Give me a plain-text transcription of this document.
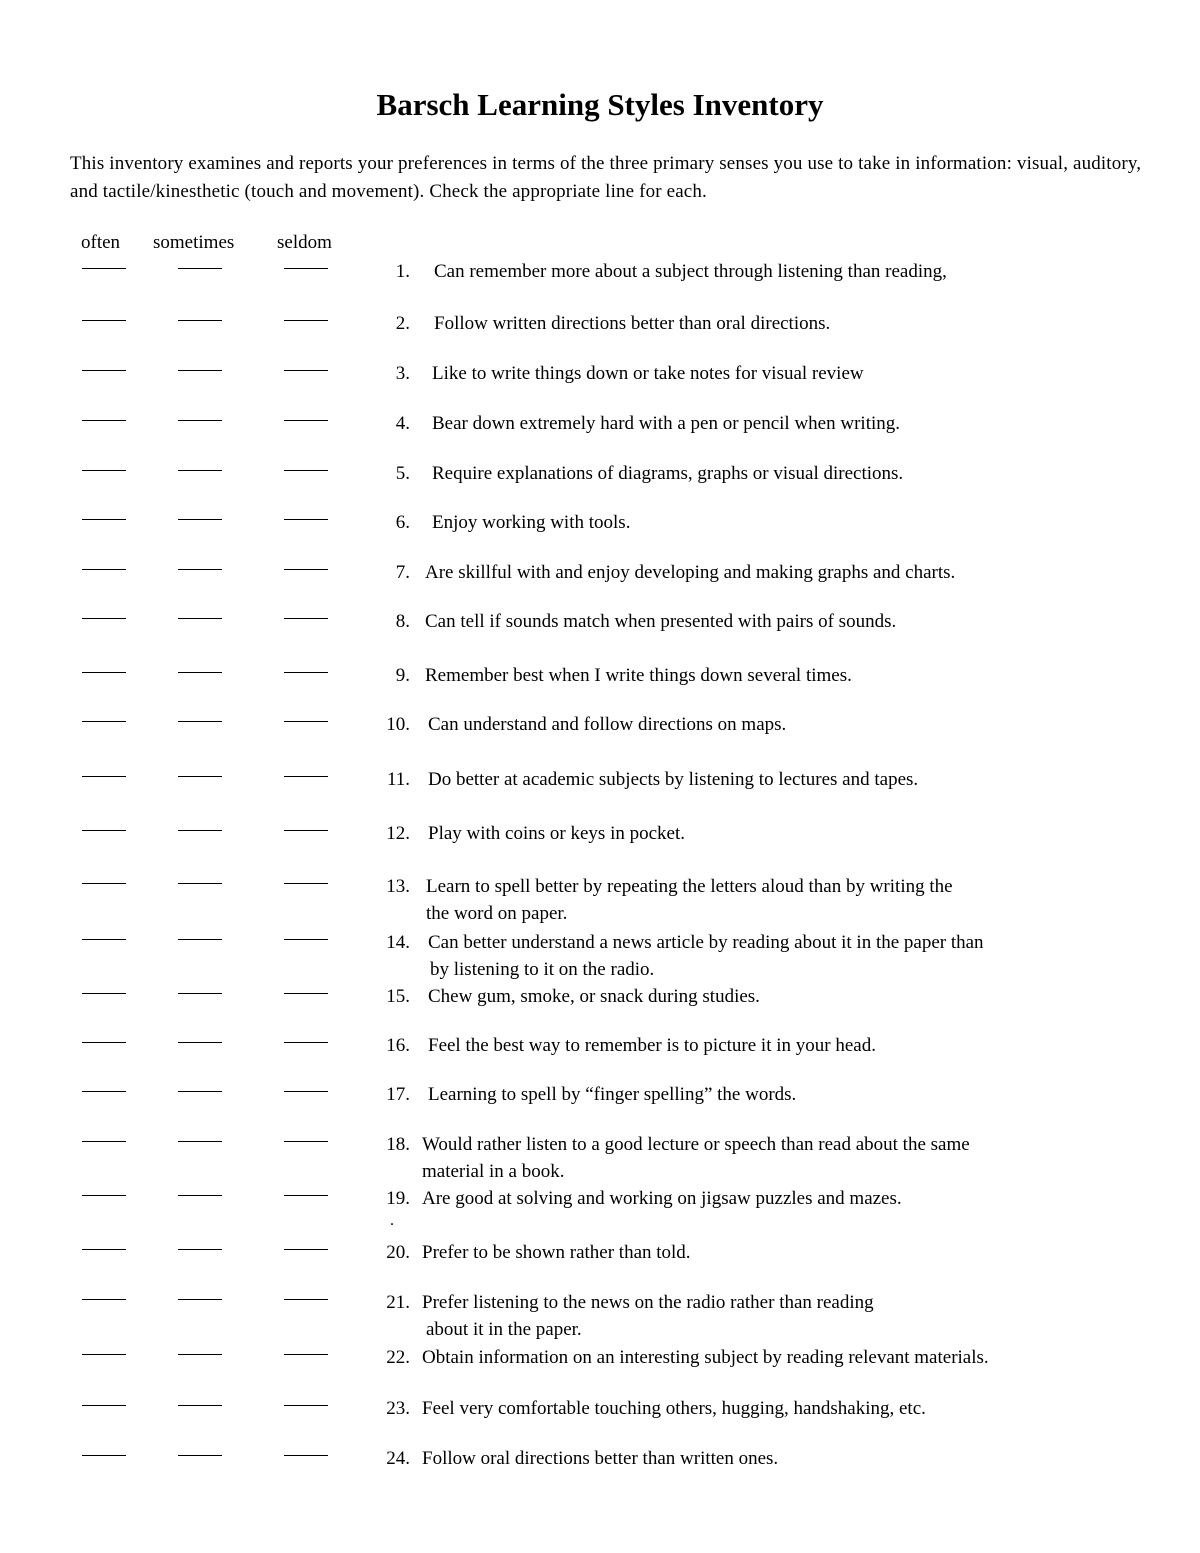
Barsch Learning Styles Inventory
This inventory examines and reports your preferences in terms of the three primary senses you use to take in information: visual, auditory, and tactile/kinesthetic (touch and movement). Check the appropriate line for each.
often sometimes seldom
1. Can remember more about a subject through listening than reading,
2. Follow written directions better than oral directions.
3. Like to write things down or take notes for visual review
4. Bear down extremely hard with a pen or pencil when writing.
5. Require explanations of diagrams, graphs or visual directions.
6. Enjoy working with tools.
7. Are skillful with and enjoy developing and making graphs and charts.
8. Can tell if sounds match when presented with pairs of sounds.
9. Remember best when I write things down several times.
10. Can understand and follow directions on maps.
11. Do better at academic subjects by listening to lectures and tapes.
12. Play with coins or keys in pocket.
13. Learn to spell better by repeating the letters aloud than by writing the
the word on paper.
14. Can better understand a news article by reading about it in the paper than
by listening to it on the radio.
15. Chew gum, smoke, or snack during studies.
16. Feel the best way to remember is to picture it in your head.
17. Learning to spell by “finger spelling” the words.
18. Would rather listen to a good lecture or speech than read about the same
material in a book.
19. Are good at solving and working on jigsaw puzzles and mazes.
20. Prefer to be shown rather than told.
21. Prefer listening to the news on the radio rather than reading
about it in the paper.
22. Obtain information on an interesting subject by reading relevant materials.
23. Feel very comfortable touching others, hugging, handshaking, etc.
24. Follow oral directions better than written ones.
.
